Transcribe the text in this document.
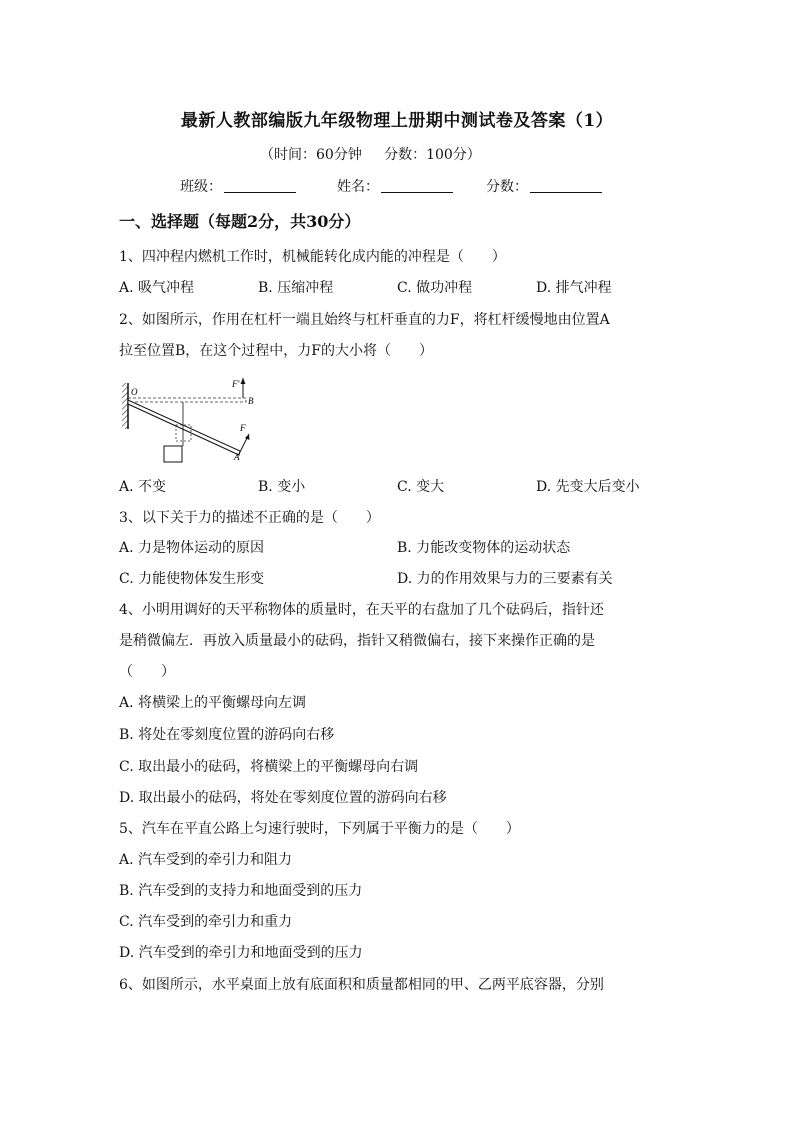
最新人教部编版九年级物理上册期中测试卷及答案（1）
（时间：60分钟     分数：100分）
班级：	姓名：	分数：
一、选择题（每题2分，共30分）
1、四冲程内燃机工作时，机械能转化成内能的冲程是（　　）
A. 吸气冲程	B. 压缩冲程	C. 做功冲程	D. 排气冲程
2、如图所示，作用在杠杆一端且始终与杠杆垂直的力F，将杠杆缓慢地由位置A
拉至位置B，在这个过程中，力F的大小将（　　）
O
F'
B
F
A
A. 不变	B. 变小	C. 变大	D. 先变大后变小
3、以下关于力的描述不正确的是（　　）
A. 力是物体运动的原因	B. 力能改变物体的运动状态
C. 力能使物体发生形变	D. 力的作用效果与力的三要素有关
4、小明用调好的天平称物体的质量时，在天平的右盘加了几个砝码后，指针还
是稍微偏左．再放入质量最小的砝码，指针又稍微偏右，接下来操作正确的是
（　　）
A. 将横梁上的平衡螺母向左调
B. 将处在零刻度位置的游码向右移
C. 取出最小的砝码，将横梁上的平衡螺母向右调
D. 取出最小的砝码，将处在零刻度位置的游码向右移
5、汽车在平直公路上匀速行驶时，下列属于平衡力的是（　　）
A. 汽车受到的牵引力和阻力
B. 汽车受到的支持力和地面受到的压力
C. 汽车受到的牵引力和重力
D. 汽车受到的牵引力和地面受到的压力
6、如图所示，水平桌面上放有底面积和质量都相同的甲、乙两平底容器，分别
